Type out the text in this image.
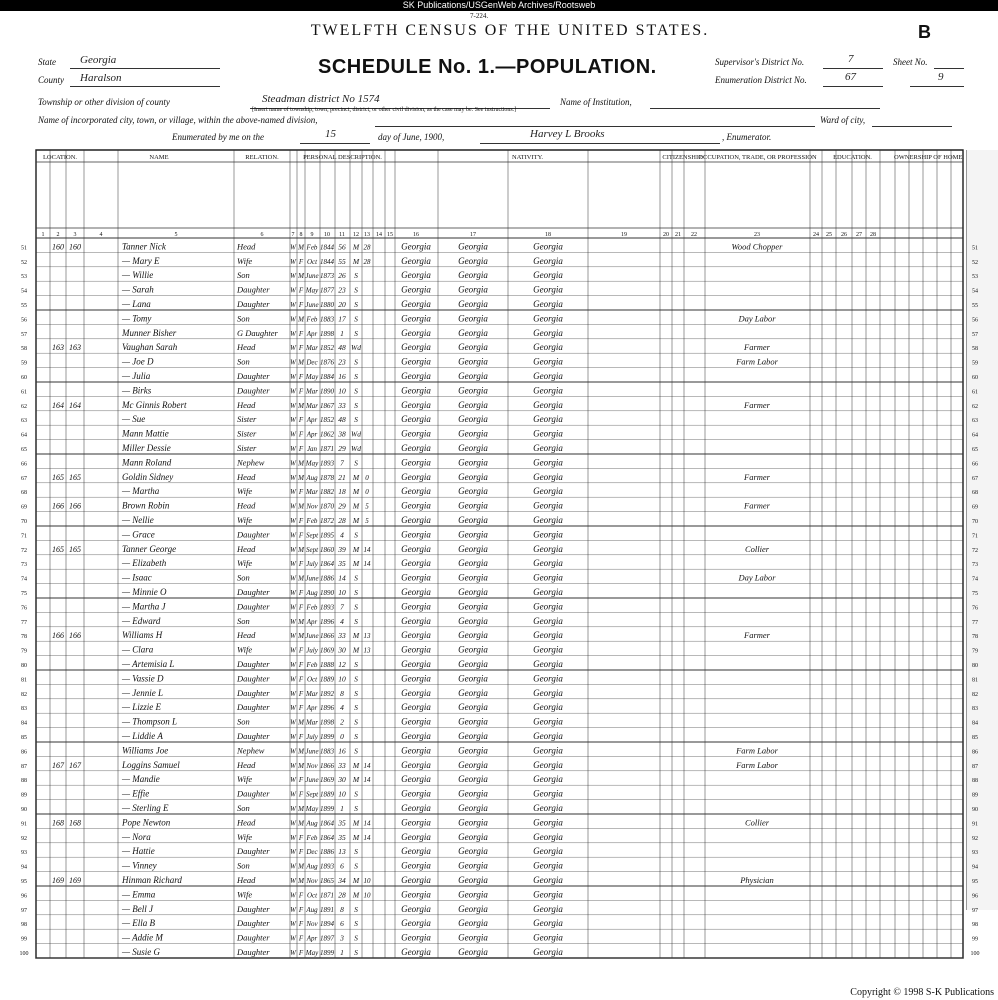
SK Publications/USGenWeb Archives/Rootsweb
7-224.
TWELFTH CENSUS OF THE UNITED STATES.	B
SCHEDULE No. 1.—POPULATION.
State Georgia
County Haralson
Township or other division of county	Steadman district No 1574
[Insert name of township, town, precinct, district, or other civil division, as the case may be. See instructions.]
Name of Institution,
Name of incorporated city, town, or village, within the above-named division,	Ward of city,
Enumerated by me on the	15	day of June, 1900,	Harvey L Brooks	, Enumerator.
Supervisor's District No.	7	Sheet No.
Enumeration District No.	67	9
LOCATION.	NAME	RELATION.	PERSONAL DESCRIPTION.	NATIVITY.	CITIZENSHIP.
OCCUPATION, TRADE, OR PROFESSION	EDUCATION.	OWNERSHIP OF HOME.
1 2 3	4	5	6	7 8 9 10 11 12 13 14 15	16	17	18	19	20 21 22	23	24 25 26 27 28
51	51
160 160	Tanner Nick	Head	W M Feb 1844 56 M 28	Georgia	Georgia	Georgia	Wood Chopper
52	52
— Mary E	Wife	W F Oct 1844 55 M 28	Georgia	Georgia	Georgia
53	53
— Willie	Son	W M June 1873 26 S	Georgia	Georgia	Georgia
54	54
— Sarah	Daughter	W F May 1877 23 S	Georgia	Georgia	Georgia
55	55
— Lana	Daughter	W F June 1880 20 S	Georgia	Georgia	Georgia
56	56
— Tomy	Son	W M Feb 1883 17 S	Georgia	Georgia	Georgia	Day Labor
57	57
Munner Bisher	G Daughter W F Apr 1898 1 S	Georgia	Georgia	Georgia
58	58
163 163	Vaughan Sarah	Head	W F Mar 1852 48 Wd	Georgia	Georgia	Georgia	Farmer
59	59
— Joe D	Son	W M Dec 1876 23 S	Georgia	Georgia	Georgia	Farm Labor
60	60
— Julia	Daughter	W F May 1884 16 S	Georgia	Georgia	Georgia
61	61
— Birks	Daughter	W F Mar 1890 10 S	Georgia	Georgia	Georgia
62	62
164 164	Mc Ginnis Robert	Head	W M Mar 1867 33 S	Georgia	Georgia	Georgia	Farmer
63	63
— Sue	Sister	W F Apr 1852 48 S	Georgia	Georgia	Georgia
64	64
Mann Mattie	Sister	W F Apr 1862 38 Wd	Georgia	Georgia	Georgia
65	65
Miller Dessie	Sister	W F Jan 1871 29 Wd	Georgia	Georgia	Georgia
66	66
Mann Roland	Nephew	W M May 1893 7 S	Georgia	Georgia	Georgia
67	67
165 165	Goldin Sidney	Head	W M Aug 1878 21 M 0	Georgia	Georgia	Georgia	Farmer
68	68
— Martha	Wife	W F Mar 1882 18 M 0	Georgia	Georgia	Georgia
69	69
166 166	Brown Robin	Head	W M Nov 1870 29 M 5	Georgia	Georgia	Georgia	Farmer
70	70
— Nellie	Wife	W F Feb 1872 28 M 5	Georgia	Georgia	Georgia
71	71
— Grace	Daughter	W F Sept 1895 4 S	Georgia	Georgia	Georgia
72	72
165 165	Tanner George	Head	W M Sept 1860 39 M 14	Georgia	Georgia	Georgia	Collier
73	73
— Elizabeth	Wife	W F July 1864 35 M 14	Georgia	Georgia	Georgia
74	74
— Isaac	Son	W M June 1886 14 S	Georgia	Georgia	Georgia	Day Labor
75	75
— Minnie O	Daughter	W F Aug 1890 10 S	Georgia	Georgia	Georgia
76	76
— Martha J	Daughter	W F Feb 1893 7 S	Georgia	Georgia	Georgia
77	77
— Edward	Son	W M Apr 1896 4 S	Georgia	Georgia	Georgia
78	78
166 166	Williams H	Head	W M June 1866 33 M 13	Georgia	Georgia	Georgia	Farmer
79	79
— Clara	Wife	W F July 1869 30 M 13	Georgia	Georgia	Georgia
80	80
— Artemisia L	Daughter	W F Feb 1888 12 S	Georgia	Georgia	Georgia
81	81
— Vassie D	Daughter	W F Oct 1889 10 S	Georgia	Georgia	Georgia
82	82
— Jennie L	Daughter	W F Mar 1892 8 S	Georgia	Georgia	Georgia
83	83
— Lizzie E	Daughter	W F Apr 1896 4 S	Georgia	Georgia	Georgia
84	84
— Thompson L	Son	W M Mar 1898 2 S	Georgia	Georgia	Georgia
85	85
— Liddie A	Daughter	W F July 1899 0 S	Georgia	Georgia	Georgia
86	86
Williams Joe	Nephew	W M June 1883 16 S	Georgia	Georgia	Georgia	Farm Labor
87	87
167 167	Loggins Samuel	Head	W M Nov 1866 33 M 14	Georgia	Georgia	Georgia	Farm Labor
88	88
— Mandie	Wife	W F June 1869 30 M 14	Georgia	Georgia	Georgia
89	89
— Effie	Daughter	W F Sept 1889 10 S	Georgia	Georgia	Georgia
90	90
— Sterling E	Son	W M May 1899 1 S	Georgia	Georgia	Georgia
91	91
168 168	Pope Newton	Head	W M Aug 1864 35 M 14	Georgia	Georgia	Georgia	Collier
92	92
— Nora	Wife	W F Feb 1864 35 M 14	Georgia	Georgia	Georgia
93	93
— Hattie	Daughter	W F Dec 1886 13 S	Georgia	Georgia	Georgia
94	94
— Vinney	Son	W M Aug 1893 6 S	Georgia	Georgia	Georgia
95	95
169 169	Hinman Richard	Head	W M Nov 1865 34 M 10	Georgia	Georgia	Georgia	Physician
96	96
— Emma	Wife	W F Oct 1871 28 M 10	Georgia	Georgia	Georgia
97	97
— Bell J	Daughter	W F Aug 1891 8 S	Georgia	Georgia	Georgia
98	98
— Ella B	Daughter	W F Nov 1894 6 S	Georgia	Georgia	Georgia
99	99
— Addie M	Daughter	W F Apr 1897 3 S	Georgia	Georgia	Georgia
100	100
— Susie G	Daughter	W F May 1899 1 S	Georgia	Georgia	Georgia
Copyright © 1998 S-K Publications
